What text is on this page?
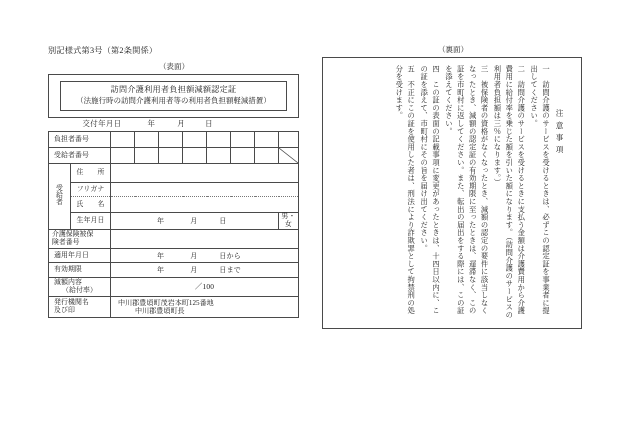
別記様式第3号（第2条関係）
（表面）
訪問介護利用者負担額減額認定証
（法施行時の訪問介護利用者等の利用者負担額軽減措置）									

交付年月日 年 月 日									

負担者番号									

受給者番号

受
給
者	住　　所								
	フリガナ								
	氏　　名								
	生年月日	年 月 日							男・女
介護保険被保
険者番号									

適用年月日		年 月 日から							

有効期限		年 月 日まで							

減額内容
（給付率）		／100							

発行機関名
及び印

中川郡豊頃町茂岩本町125番地
中川郡豊頃町長
（裏面）
注意事項
一　訪問介護のサービスを受けるときは、必ずこの認定証を事業者に提出してください。
二　訪問介護のサービスを受けるときに支払う金額は介護費用から介護費用に給付率を乗じた額を引いた額になります。（訪問介護のサービスの利用者負担額は三％になります。）
三　被保険者の資格がなくなったとき、減額の認定の要件に該当しなくなったとき、減額の認定証の有効期限に至ったときは、遅滞なく、この証を市町村に返してください。また、転出の届出をする際には、この証を添えてください。
四　この証の表面の記載事項に変更があったときは、十四日以内に、この証を添えて、市町村にその旨を届け出てください。
五　不正にこの証を使用した者は、刑法により詐欺罪として拘禁刑の処分を受けます。
